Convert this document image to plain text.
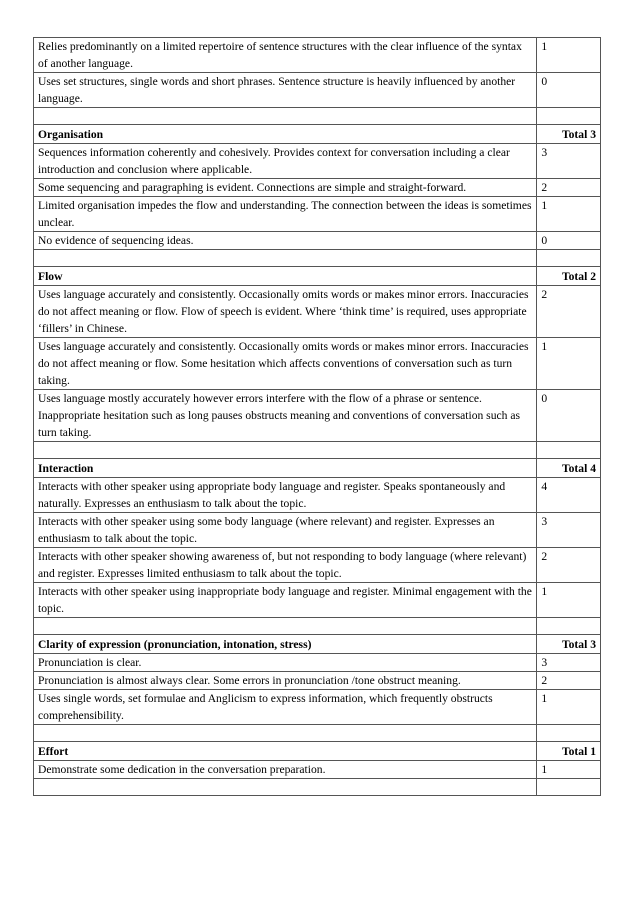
Relies predominantly on a limited repertoire of sentence structures with the clear influence of the syntax of another language.	1
Uses set structures, single words and short phrases. Sentence structure is heavily influenced by another language.	0

Organisation	Total 3
Sequences information coherently and cohesively. Provides context for conversation including a clear introduction and conclusion where applicable.	3
Some sequencing and paragraphing is evident. Connections are simple and straight-forward.	2
Limited organisation impedes the flow and understanding. The connection between the ideas is sometimes unclear.	1
No evidence of sequencing ideas.	0

Flow	Total 2
Uses language accurately and consistently. Occasionally omits words or makes minor errors. Inaccuracies do not affect meaning or flow. Flow of speech is evident. Where ‘think time’ is required, uses appropriate ‘fillers’ in Chinese.	2
Uses language accurately and consistently. Occasionally omits words or makes minor errors. Inaccuracies do not affect meaning or flow. Some hesitation which affects conventions of conversation such as turn taking.	1
Uses language mostly accurately however errors interfere with the flow of a phrase or sentence. Inappropriate hesitation such as long pauses obstructs meaning and conventions of conversation such as turn taking.	0

Interaction	Total 4
Interacts with other speaker using appropriate body language and register. Speaks spontaneously and naturally. Expresses an enthusiasm to talk about the topic.	4
Interacts with other speaker using some body language (where relevant) and register. Expresses an enthusiasm to talk about the topic.	3
Interacts with other speaker showing awareness of, but not responding to body language (where relevant) and register. Expresses limited enthusiasm to talk about the topic.	2
Interacts with other speaker using inappropriate body language and register. Minimal engagement with the topic.	1

Clarity of expression (pronunciation, intonation, stress)	Total 3
Pronunciation is clear.	3
Pronunciation is almost always clear. Some errors in pronunciation /tone obstruct meaning.	2
Uses single words, set formulae and Anglicism to express information, which frequently obstructs comprehensibility.	1

Effort	Total 1
Demonstrate some dedication in the conversation preparation.	1
